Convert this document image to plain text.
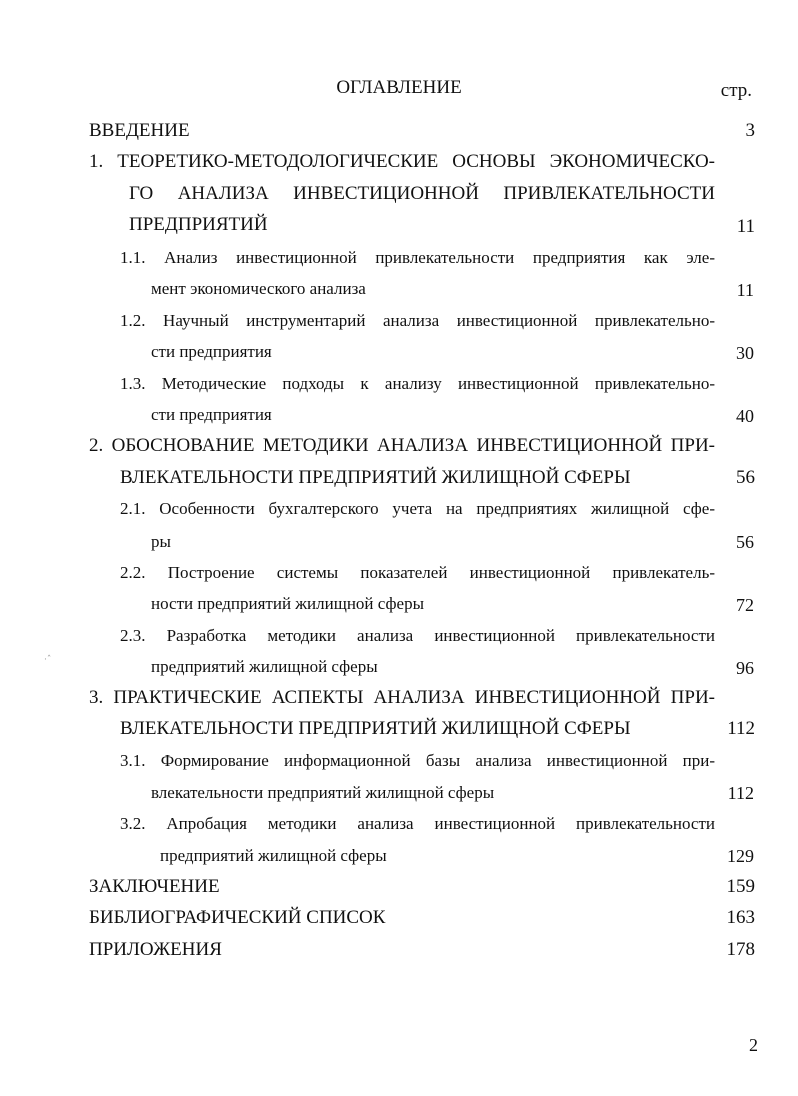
ОГЛАВЛЕНИЕ	стр.
ВВЕДЕНИЕ	3
1. ТЕОРЕТИКО-МЕТОДОЛОГИЧЕСКИЕ ОСНОВЫ ЭКОНОМИЧЕСКО-
ГО АНАЛИЗА ИНВЕСТИЦИОННОЙ ПРИВЛЕКАТЕЛЬНОСТИ
ПРЕДПРИЯТИЙ	11
1.1. Анализ инвестиционной привлекательности предприятия как эле-
мент экономического анализа	11
1.2. Научный инструментарий анализа инвестиционной привлекательно-
сти предприятия	30
1.3. Методические подходы к анализу инвестиционной привлекательно-
сти предприятия	40
2. ОБОСНОВАНИЕ МЕТОДИКИ АНАЛИЗА ИНВЕСТИЦИОННОЙ ПРИ-
ВЛЕКАТЕЛЬНОСТИ ПРЕДПРИЯТИЙ ЖИЛИЩНОЙ СФЕРЫ	56
2.1. Особенности бухгалтерского учета на предприятиях жилищной сфе-
ры	56
2.2. Построение системы показателей инвестиционной привлекатель-
ности предприятий жилищной сферы	72
2.3. Разработка методики анализа инвестиционной привлекательности
предприятий жилищной сферы	96
3. ПРАКТИЧЕСКИЕ АСПЕКТЫ АНАЛИЗА ИНВЕСТИЦИОННОЙ ПРИ-
ВЛЕКАТЕЛЬНОСТИ ПРЕДПРИЯТИЙ ЖИЛИЩНОЙ СФЕРЫ	112
3.1. Формирование информационной базы анализа инвестиционной при-
влекательности предприятий жилищной сферы	112
3.2. Апробация методики анализа инвестиционной привлекательности
предприятий жилищной сферы	129
ЗАКЛЮЧЕНИЕ	159
БИБЛИОГРАФИЧЕСКИЙ СПИСОК	163
ПРИЛОЖЕНИЯ	178
·ˆ
2
